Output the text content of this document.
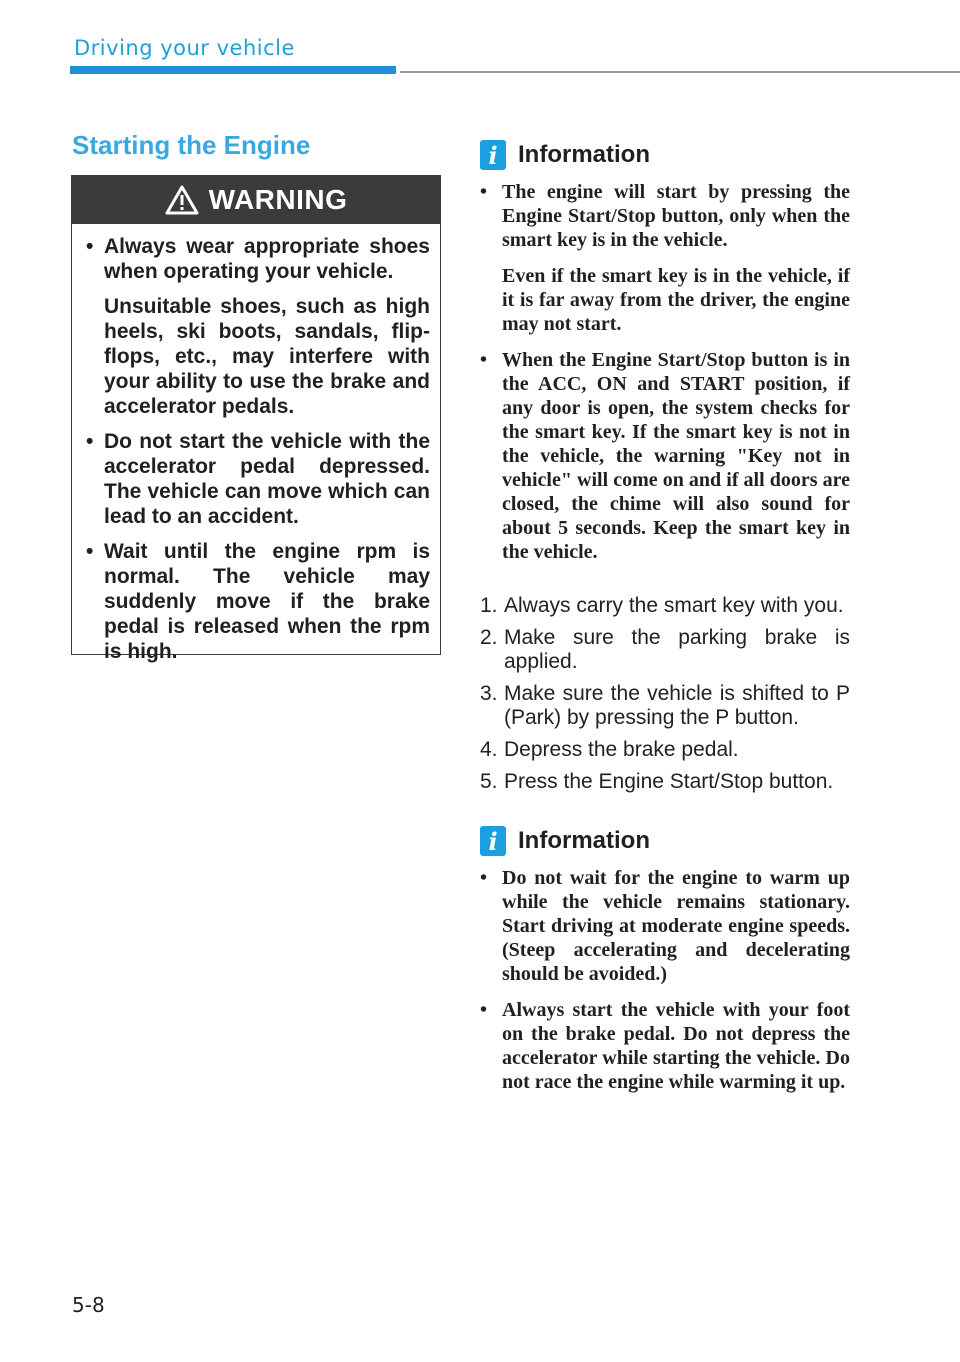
Driving your vehicle
Starting the Engine
WARNING
• Always wear appropriate shoes when operating your vehicle.

Unsuitable shoes, such as high heels, ski boots, sandals, flip-flops, etc., may interfere with your ability to use the brake and accelerator pedals.

• Do not start the vehicle with the accelerator pedal depressed. The vehicle can move which can lead to an accident.

• Wait until the engine rpm is normal. The vehicle may suddenly move if the brake pedal is released when the rpm is high.

i Information
• The engine will start by pressing the Engine Start/Stop button, only when the smart key is in the vehicle.

Even if the smart key is in the vehicle, if it is far away from the driver, the engine may not start.

• When the Engine Start/Stop button is in the ACC, ON and START position, if any door is open, the system checks for the smart key. If the smart key is not in the vehicle, the warning "Key not in vehicle" will come on and if all doors are closed, the chime will also sound for about 5 seconds. Keep the smart key in the vehicle.

1. Always carry the smart key with you.
2. Make sure the parking brake is applied.
3. Make sure the vehicle is shifted to P (Park) by pressing the P button.
4. Depress the brake pedal.
5. Press the Engine Start/Stop button.
i Information
• Do not wait for the engine to warm up while the vehicle remains stationary. Start driving at moderate engine speeds. (Steep accelerating and decelerating should be avoided.)

• Always start the vehicle with your foot on the brake pedal. Do not depress the accelerator while starting the vehicle. Do not race the engine while warming it up.

5-8
